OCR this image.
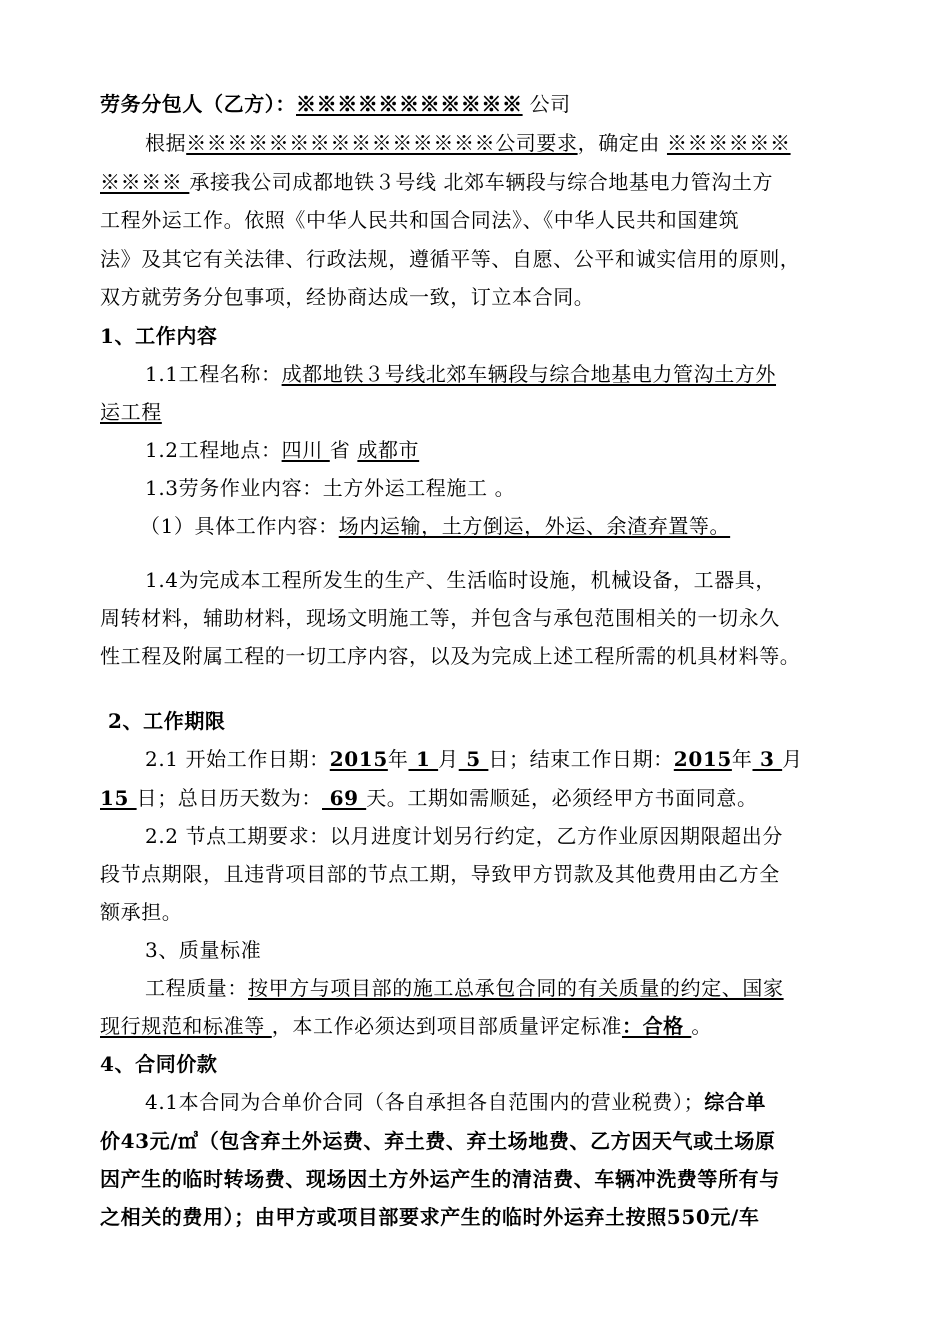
劳务分包人（乙方）：※※※※※※※※※※※ 公司
根据※※※※※※※※※※※※※※※公司要求，确定由 ※※※※※※
※※※※ 承接我公司成都地铁３号线 北郊车辆段与综合地基电力管沟土方
工程外运工作。依照《中华人民共和国合同法》、《中华人民共和国建筑
法》及其它有关法律、行政法规，遵循平等、自愿、公平和诚实信用的原则，
双方就劳务分包事项，经协商达成一致，订立本合同。
1、工作内容
1.1工程名称：成都地铁３号线北郊车辆段与综合地基电力管沟土方外
运工程
1.2工程地点：四川 省 成都市
1.3劳务作业内容：土方外运工程施工 。
（1）具体工作内容：场内运输，土方倒运，外运、余渣弃置等。
1.4为完成本工程所发生的生产、生活临时设施，机械设备，工器具，
周转材料，辅助材料，现场文明施工等，并包含与承包范围相关的一切永久
性工程及附属工程的一切工序内容，以及为完成上述工程所需的机具材料等。
2、工作期限
2.1 开始工作日期：2015年 1 月 5 日；结束工作日期：2015年 3 月
15 日；总日历天数为： 69 天。工期如需顺延，必须经甲方书面同意。
2.2 节点工期要求：以月进度计划另行约定，乙方作业原因期限超出分
段节点期限，且违背项目部的节点工期，导致甲方罚款及其他费用由乙方全
额承担。
3、质量标准
工程质量：按甲方与项目部的施工总承包合同的有关质量的约定、国家
现行规范和标准等 ，本工作必须达到项目部质量评定标准：合格 。
4、合同价款
4.1本合同为合单价合同（各自承担各自范围内的营业税费）；综合单
价43元/㎥（包含弃土外运费、弃土费、弃土场地费、乙方因天气或土场原
因产生的临时转场费、现场因土方外运产生的清洁费、车辆冲洗费等所有与
之相关的费用）；由甲方或项目部要求产生的临时外运弃土按照550元/车
